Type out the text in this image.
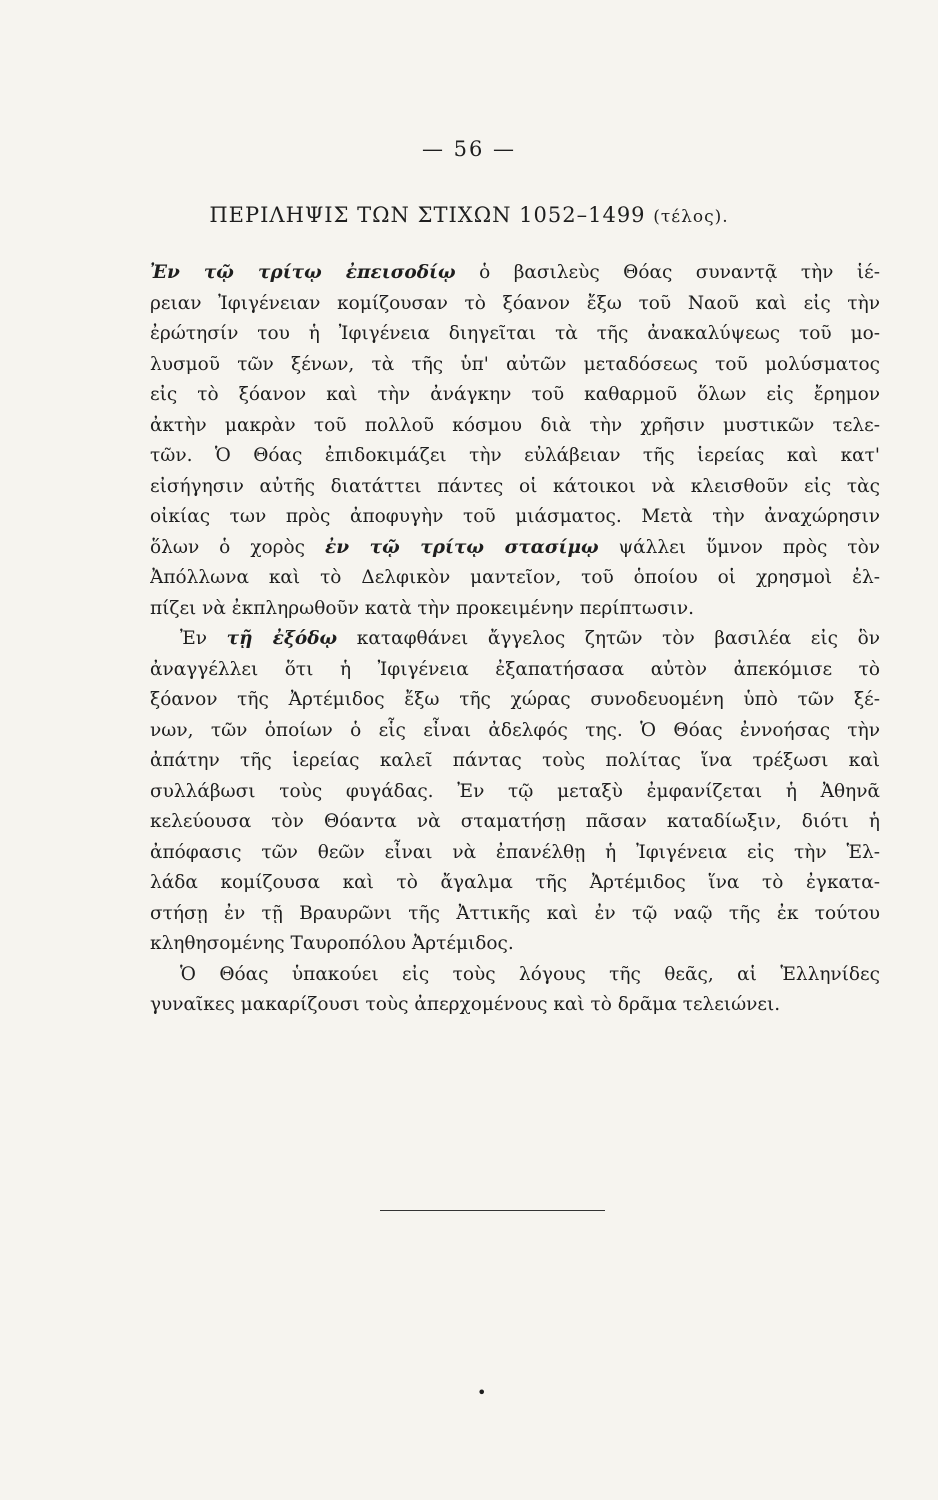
— 56 —
ΠΕΡΙΛΗΨΙΣ ΤΩΝ ΣΤΙΧΩΝ 1052–1499 (τέλος).
Ἐν τῷ τρίτῳ ἐπεισοδίῳ ὁ βασιλεὺς Θόας συναντᾷ τὴν ἱέ-
ρειαν Ἰφιγένειαν κομίζουσαν τὸ ξόανον ἔξω τοῦ Ναοῦ καὶ εἰς τὴν
ἐρώτησίν του ἡ Ἰφιγένεια διηγεῖται τὰ τῆς ἀνακαλύψεως τοῦ μο-
λυσμοῦ τῶν ξένων, τὰ τῆς ὑπ' αὐτῶν μεταδόσεως τοῦ μολύσματος
εἰς τὸ ξόανον καὶ τὴν ἀνάγκην τοῦ καθαρμοῦ ὅλων εἰς ἔρημον
ἀκτὴν μακρὰν τοῦ πολλοῦ κόσμου διὰ τὴν χρῆσιν μυστικῶν τελε-
τῶν. Ὁ Θόας ἐπιδοκιμάζει τὴν εὐλάβειαν τῆς ἱερείας καὶ κατ'
εἰσήγησιν αὐτῆς διατάττει πάντες οἱ κάτοικοι νὰ κλεισθοῦν εἰς τὰς
οἰκίας των πρὸς ἀποφυγὴν τοῦ μιάσματος. Μετὰ τὴν ἀναχώρησιν
ὅλων ὁ χορὸς ἐν τῷ τρίτῳ στασίμῳ ψάλλει ὕμνον πρὸς τὸν
Ἀπόλλωνα καὶ τὸ Δελφικὸν μαντεῖον, τοῦ ὁποίου οἱ χρησμοὶ ἐλ-
πίζει νὰ ἐκπληρωθοῦν κατὰ τὴν προκειμένην περίπτωσιν.
Ἐν τῇ ἐξόδῳ καταφθάνει ἄγγελος ζητῶν τὸν βασιλέα εἰς ὃν
ἀναγγέλλει ὅτι ἡ Ἰφιγένεια ἐξαπατήσασα αὐτὸν ἀπεκόμισε τὸ
ξόανον τῆς Ἀρτέμιδος ἔξω τῆς χώρας συνοδευομένη ὑπὸ τῶν ξέ-
νων, τῶν ὁποίων ὁ εἷς εἶναι ἀδελφός της. Ὁ Θόας ἐννοήσας τὴν
ἀπάτην τῆς ἱερείας καλεῖ πάντας τοὺς πολίτας ἵνα τρέξωσι καὶ
συλλάβωσι τοὺς φυγάδας. Ἐν τῷ μεταξὺ ἐμφανίζεται ἡ Ἀθηνᾶ
κελεύουσα τὸν Θόαντα νὰ σταματήσῃ πᾶσαν καταδίωξιν, διότι ἡ
ἀπόφασις τῶν θεῶν εἶναι νὰ ἐπανέλθῃ ἡ Ἰφιγένεια εἰς τὴν Ἑλ-
λάδα κομίζουσα καὶ τὸ ἄγαλμα τῆς Ἀρτέμιδος ἵνα τὸ ἐγκατα-
στήσῃ ἐν τῇ Βραυρῶνι τῆς Ἀττικῆς καὶ ἐν τῷ ναῷ τῆς ἐκ τούτου
κληθησομένης Ταυροπόλου Ἀρτέμιδος.
Ὁ Θόας ὑπακούει εἰς τοὺς λόγους τῆς θεᾶς, αἱ Ἑλληνίδες
γυναῖκες μακαρίζουσι τοὺς ἀπερχομένους καὶ τὸ δρᾶμα τελειώνει.
•
